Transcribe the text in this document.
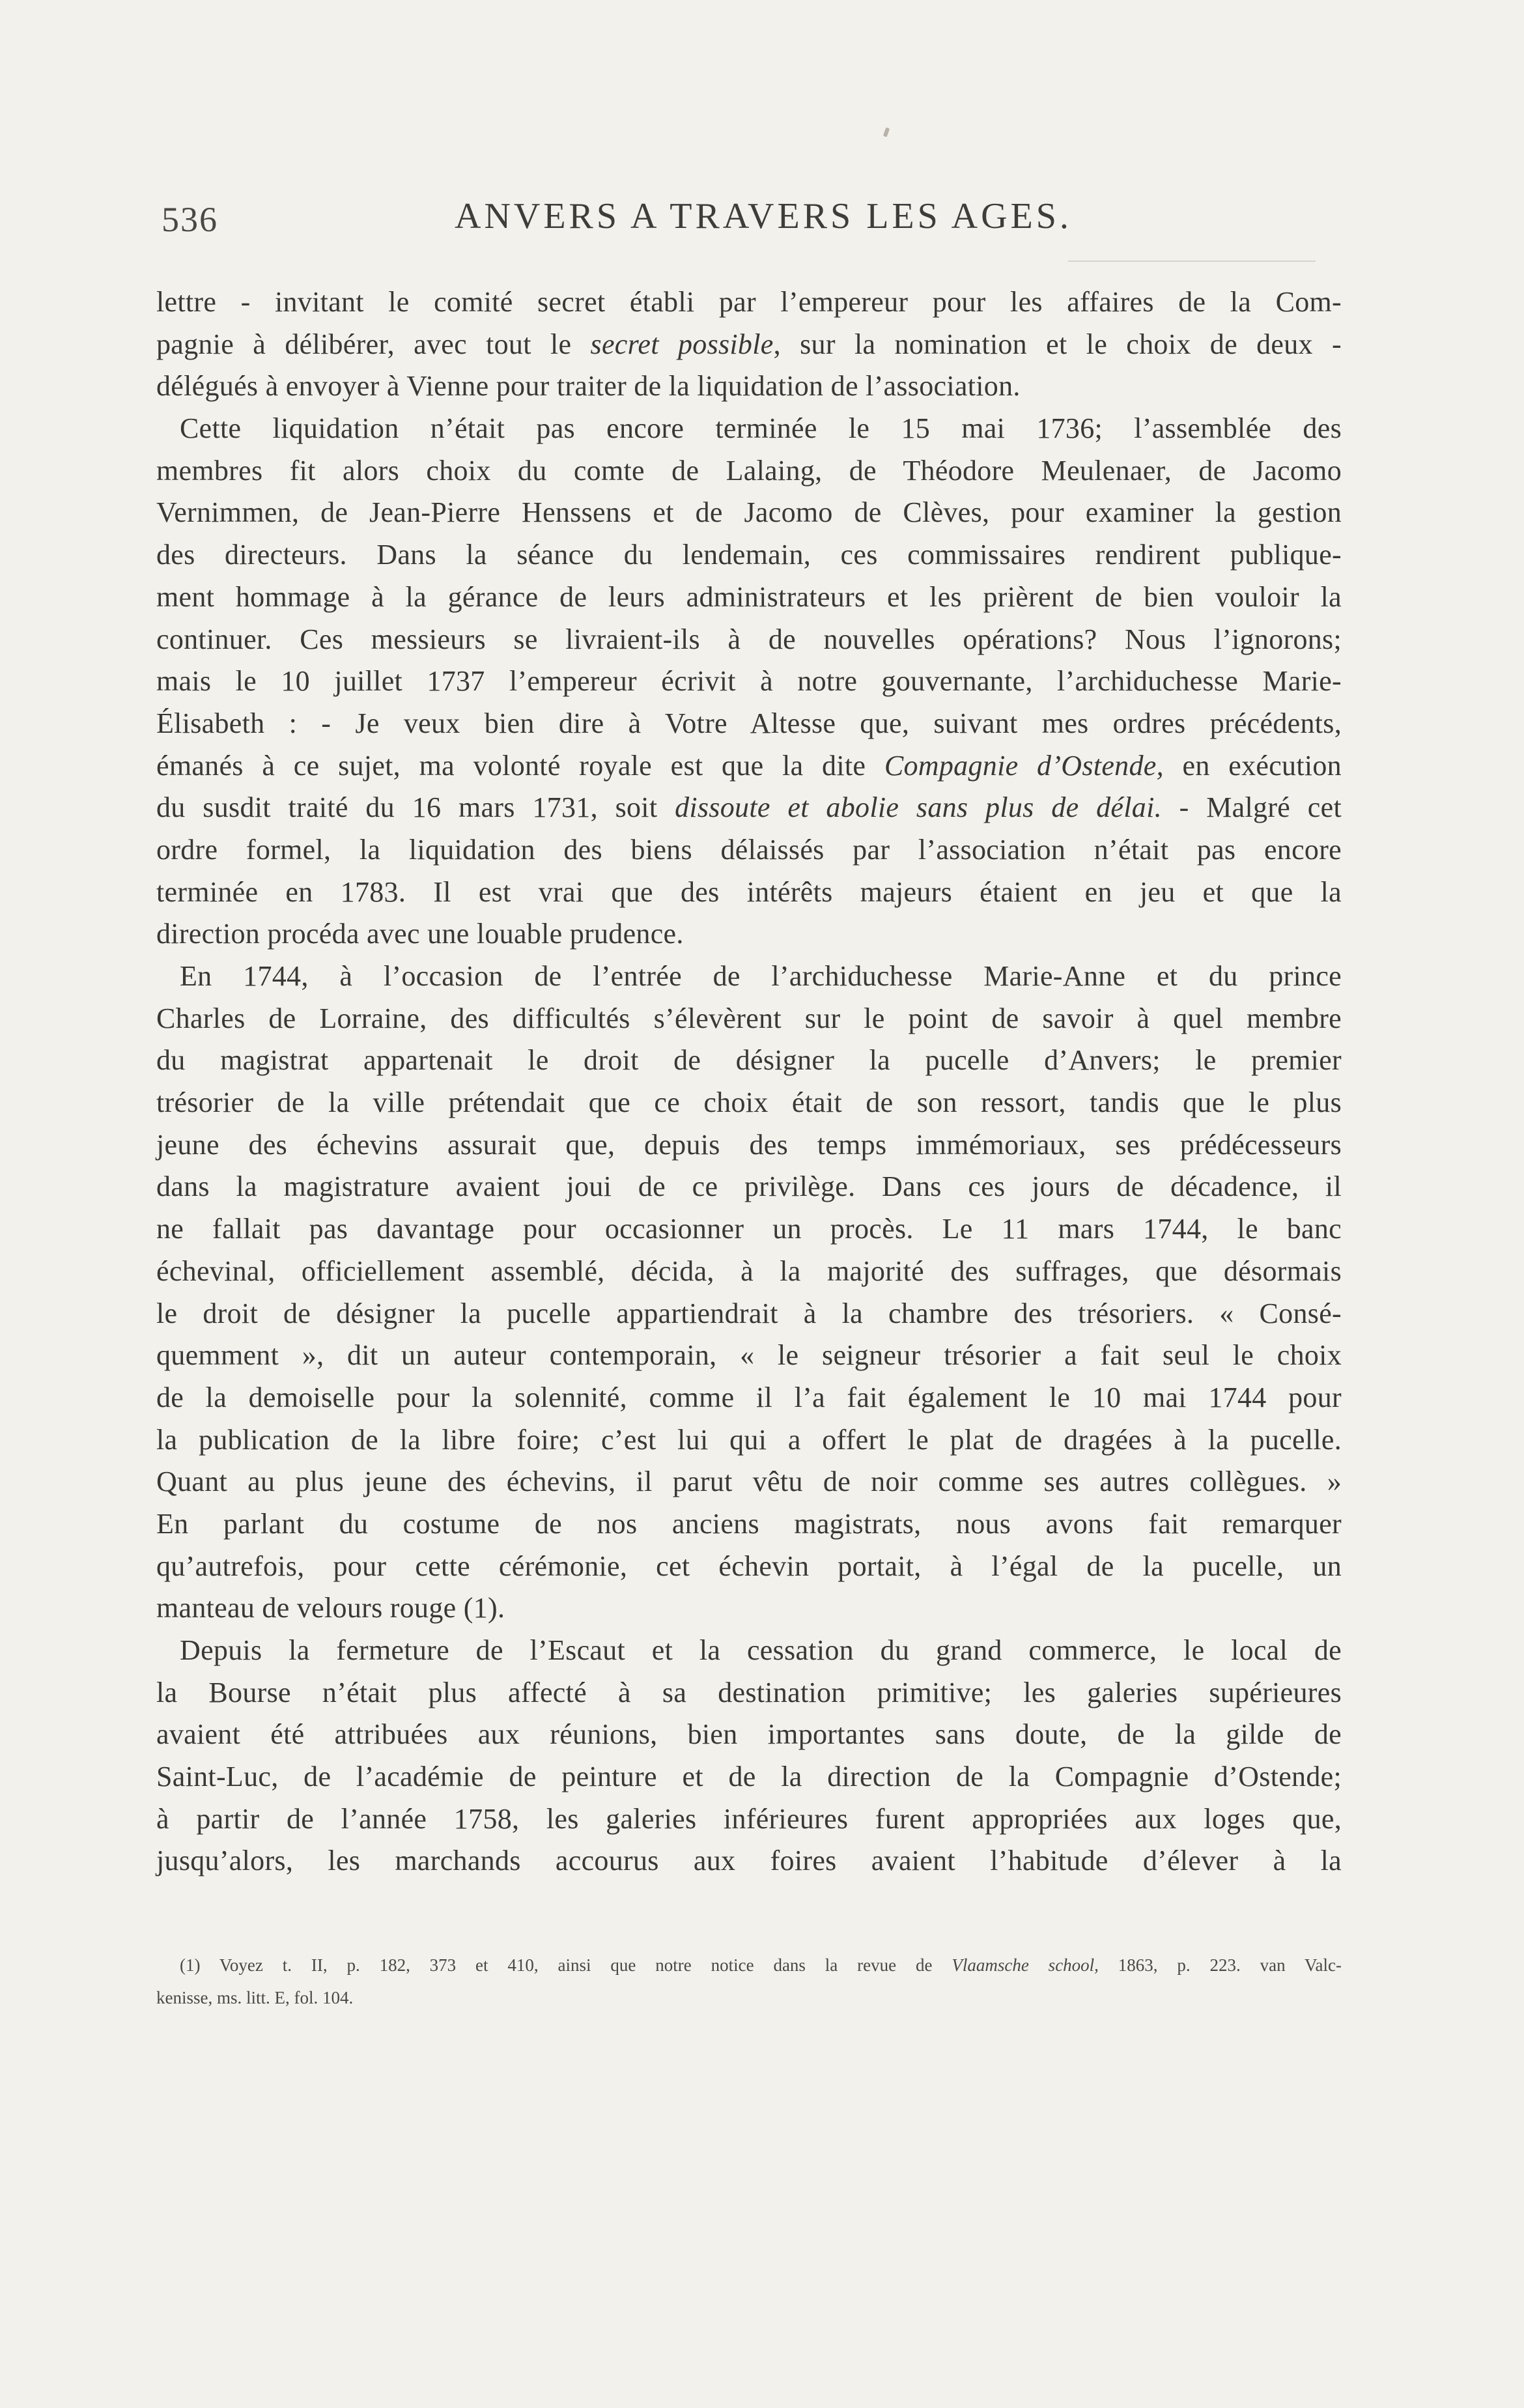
536	ANVERS A TRAVERS LES AGES.
lettre - invitant le comité secret établi par l’empereur pour les affaires de la Com-
pagnie à délibérer, avec tout le secret possible, sur la nomination et le choix de deux -
délégués à envoyer à Vienne pour traiter de la liquidation de l’association.
Cette liquidation n’était pas encore terminée le 15 mai 1736; l’assemblée des
membres fit alors choix du comte de Lalaing, de Théodore Meulenaer, de Jacomo
Vernimmen, de Jean-Pierre Henssens et de Jacomo de Clèves, pour examiner la gestion
des directeurs. Dans la séance du lendemain, ces commissaires rendirent publique-
ment hommage à la gérance de leurs administrateurs et les prièrent de bien vouloir la
continuer. Ces messieurs se livraient-ils à de nouvelles opérations? Nous l’ignorons;
mais le 10 juillet 1737 l’empereur écrivit à notre gouvernante, l’archiduchesse Marie-
Élisabeth : - Je veux bien dire à Votre Altesse que, suivant mes ordres précédents,
émanés à ce sujet, ma volonté royale est que la dite Compagnie d’Ostende, en exécution
du susdit traité du 16 mars 1731, soit dissoute et abolie sans plus de délai. - Malgré cet
ordre formel, la liquidation des biens délaissés par l’association n’était pas encore
terminée en 1783. Il est vrai que des intérêts majeurs étaient en jeu et que la
direction procéda avec une louable prudence.
En 1744, à l’occasion de l’entrée de l’archiduchesse Marie-Anne et du prince
Charles de Lorraine, des difficultés s’élevèrent sur le point de savoir à quel membre
du magistrat appartenait le droit de désigner la pucelle d’Anvers; le premier
trésorier de la ville prétendait que ce choix était de son ressort, tandis que le plus
jeune des échevins assurait que, depuis des temps immémoriaux, ses prédécesseurs
dans la magistrature avaient joui de ce privilège. Dans ces jours de décadence, il
ne fallait pas davantage pour occasionner un procès. Le 11 mars 1744, le banc
échevinal, officiellement assemblé, décida, à la majorité des suffrages, que désormais
le droit de désigner la pucelle appartiendrait à la chambre des trésoriers. « Consé-
quemment », dit un auteur contemporain, « le seigneur trésorier a fait seul le choix
de la demoiselle pour la solennité, comme il l’a fait également le 10 mai 1744 pour
la publication de la libre foire; c’est lui qui a offert le plat de dragées à la pucelle.
Quant au plus jeune des échevins, il parut vêtu de noir comme ses autres collègues. »
En parlant du costume de nos anciens magistrats, nous avons fait remarquer
qu’autrefois, pour cette cérémonie, cet échevin portait, à l’égal de la pucelle, un
manteau de velours rouge (1).
Depuis la fermeture de l’Escaut et la cessation du grand commerce, le local de
la Bourse n’était plus affecté à sa destination primitive; les galeries supérieures
avaient été attribuées aux réunions, bien importantes sans doute, de la gilde de
Saint-Luc, de l’académie de peinture et de la direction de la Compagnie d’Ostende;
à partir de l’année 1758, les galeries inférieures furent appropriées aux loges que,
jusqu’alors, les marchands accourus aux foires avaient l’habitude d’élever à la
(1) Voyez t. II, p. 182, 373 et 410, ainsi que notre notice dans la revue de Vlaamsche school, 1863, p. 223. van Valc-
kenisse, ms. litt. E, fol. 104.
